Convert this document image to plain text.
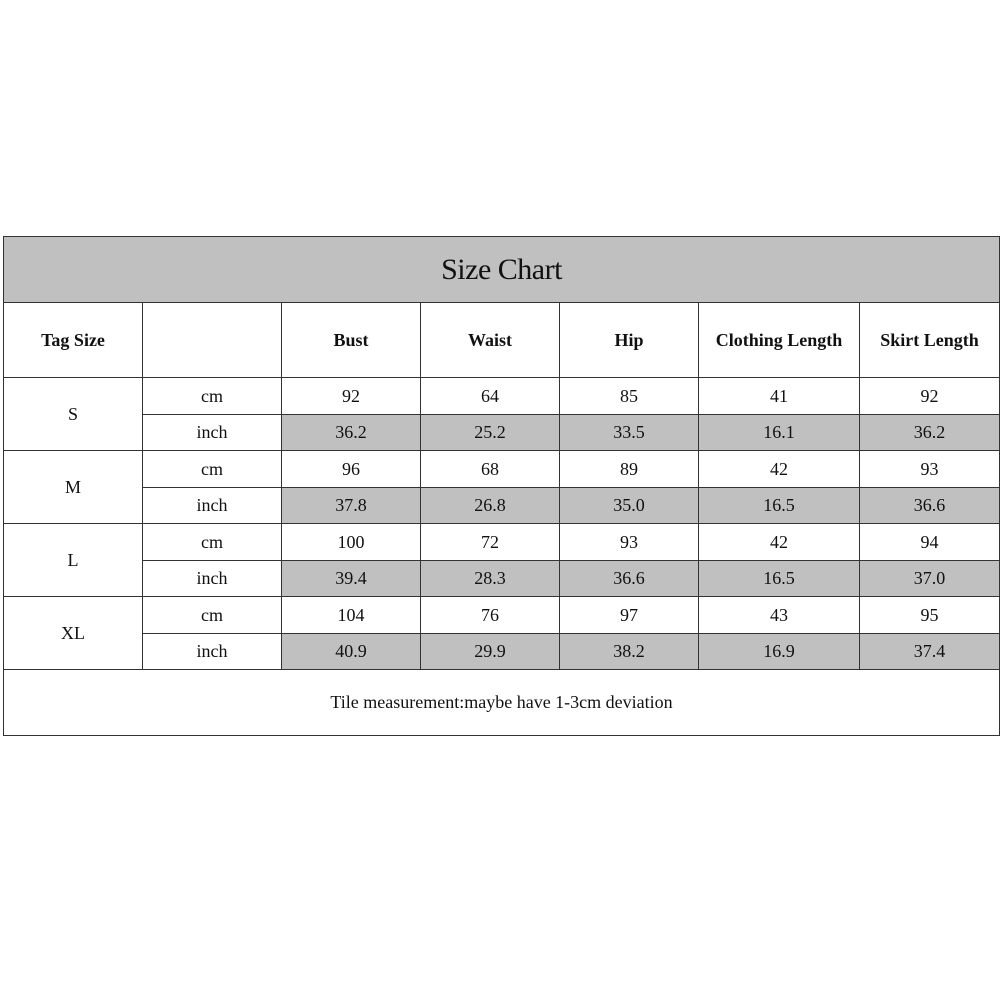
Size Chart						
Tag Size		Bust	Waist	Hip	Clothing Length	Skirt Length
S	cm	92	64	85	41	92
	inch	36.2	25.2	33.5	16.1	36.2
M	cm	96	68	89	42	93
	inch	37.8	26.8	35.0	16.5	36.6
L	cm	100	72	93	42	94
	inch	39.4	28.3	36.6	16.5	37.0
XL	cm	104	76	97	43	95
	inch	40.9	29.9	38.2	16.9	37.4
Tile measurement:maybe have 1-3cm deviation						
